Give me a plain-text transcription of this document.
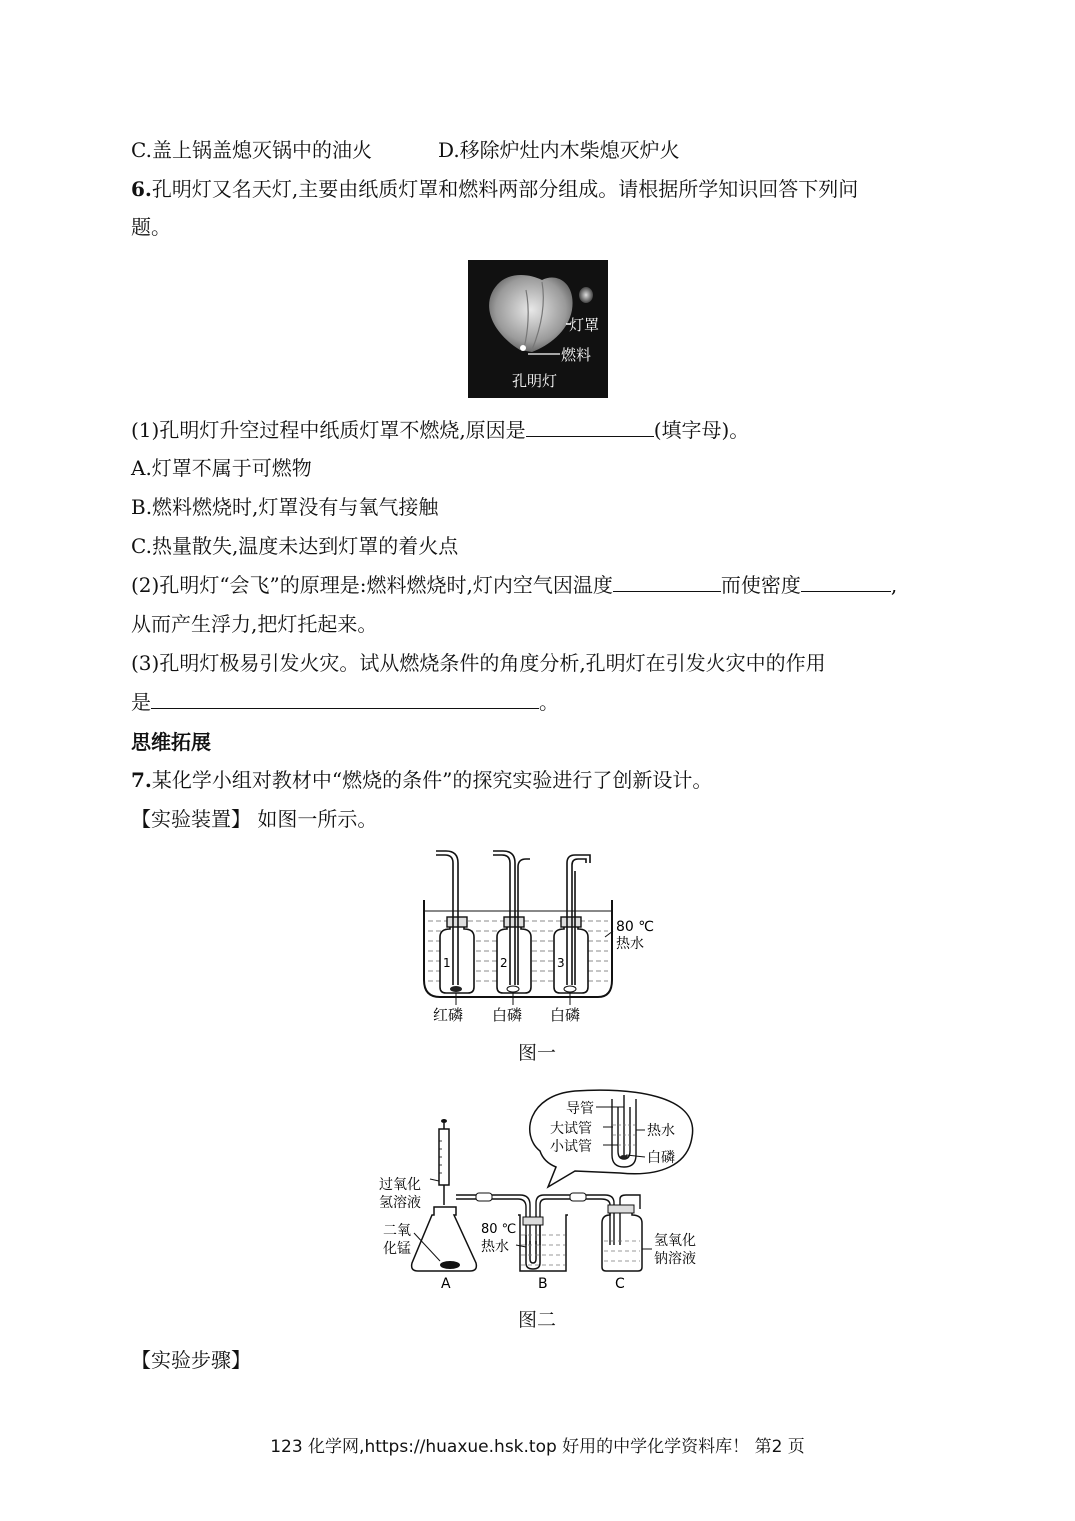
C.盖上锅盖熄灭锅中的油火	D.移除炉灶内木柴熄灭炉火
6.孔明灯又名天灯,主要由纸质灯罩和燃料两部分组成。请根据所学知识回答下列问
题。
灯罩
燃料
孔明灯
(1)孔明灯升空过程中纸质灯罩不燃烧,原因是	(填字母)。
A.灯罩不属于可燃物
B.燃料燃烧时,灯罩没有与氧气接触
C.热量散失,温度未达到灯罩的着火点
(2)孔明灯“会飞”的原理是:燃料燃烧时,灯内空气因温度	而使密度	,
从而产生浮力,把灯托起来。
(3)孔明灯极易引发火灾。试从燃烧条件的角度分析,孔明灯在引发火灾中的作用
是	。
思维拓展
7.某化学小组对教材中“燃烧的条件”的探究实验进行了创新设计。
【实验装置】 如图一所示。
1	2	3
80 ℃
热水
红磷 白磷 白磷
图一
导管
大试管
小试管
热水
白磷
过氧化
氢溶液
二氧
化锰
80 ℃
热水	氢氧化
钠溶液
A	B	C
图二
【实验步骤】
123 化学网,https://huaxue.hsk.top 好用的中学化学资料库！ 第2 页
